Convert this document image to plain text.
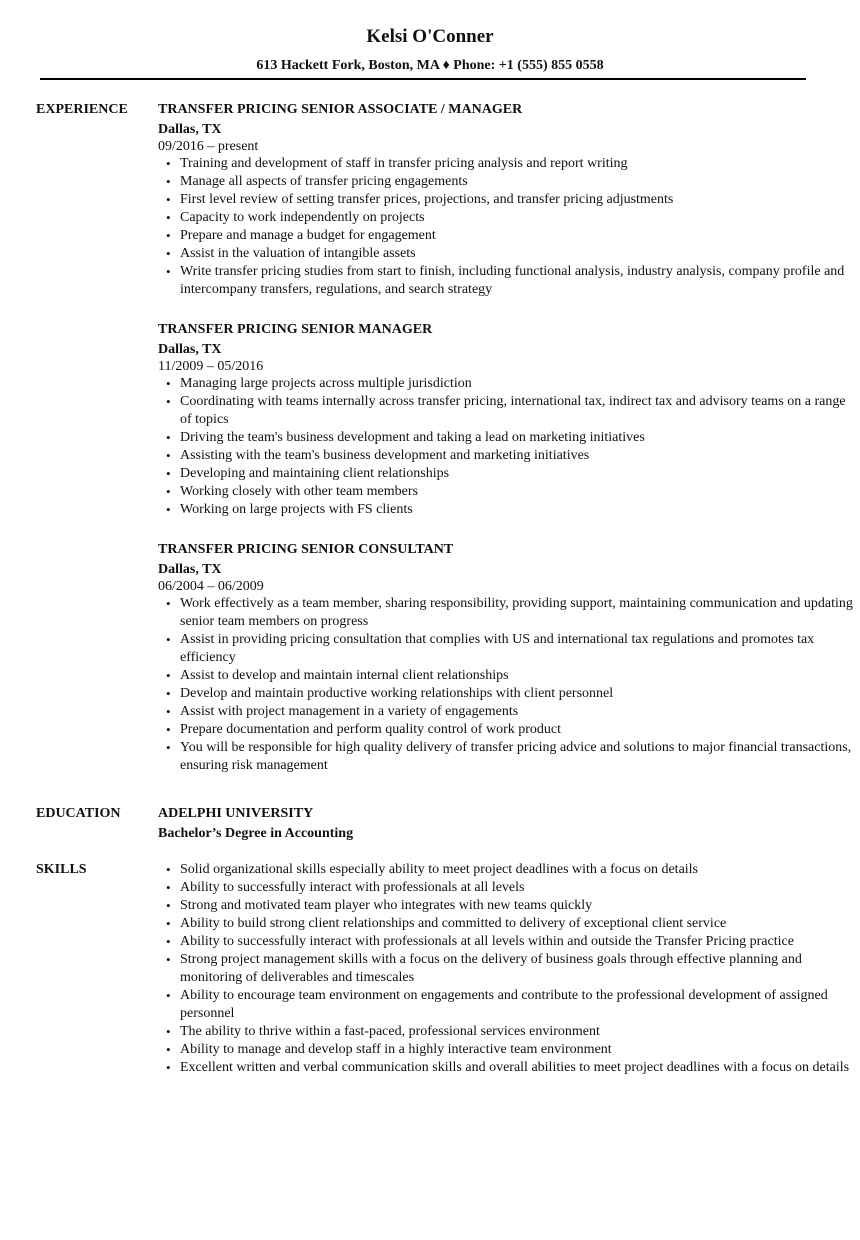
Kelsi O'Conner
613 Hackett Fork, Boston, MA ♦ Phone: +1 (555) 855 0558
EXPERIENCE	TRANSFER PRICING SENIOR ASSOCIATE / MANAGER
Dallas, TX
09/2016 – present
• Training and development of staff in transfer pricing analysis and report writing
• Manage all aspects of transfer pricing engagements
• First level review of setting transfer prices, projections, and transfer pricing adjustments
• Capacity to work independently on projects
• Prepare and manage a budget for engagement
• Assist in the valuation of intangible assets
• Write transfer pricing studies from start to finish, including functional analysis, industry analysis, company profile and intercompany transfers, regulations, and search strategy
TRANSFER PRICING SENIOR MANAGER
Dallas, TX
11/2009 – 05/2016
• Managing large projects across multiple jurisdiction
• Coordinating with teams internally across transfer pricing, international tax, indirect tax and advisory teams on a range of topics
• Driving the team's business development and taking a lead on marketing initiatives
• Assisting with the team's business development and marketing initiatives
• Developing and maintaining client relationships
• Working closely with other team members
• Working on large projects with FS clients
TRANSFER PRICING SENIOR CONSULTANT
Dallas, TX
06/2004 – 06/2009
• Work effectively as a team member, sharing responsibility, providing support, maintaining communication and updating senior team members on progress
• Assist in providing pricing consultation that complies with US and international tax regulations and promotes tax efficiency
• Assist to develop and maintain internal client relationships
• Develop and maintain productive working relationships with client personnel
• Assist with project management in a variety of engagements
• Prepare documentation and perform quality control of work product
• You will be responsible for high quality delivery of transfer pricing advice and solutions to major financial transactions, ensuring risk management
EDUCATION	ADELPHI UNIVERSITY
Bachelor’s Degree in Accounting
SKILLS
•	Solid organizational skills especially ability to meet project deadlines with a focus on details
• Ability to successfully interact with professionals at all levels
• Strong and motivated team player who integrates with new teams quickly
• Ability to build strong client relationships and committed to delivery of exceptional client service
• Ability to successfully interact with professionals at all levels within and outside the Transfer Pricing practice
• Strong project management skills with a focus on the delivery of business goals through effective planning and monitoring of deliverables and timescales
• Ability to encourage team environment on engagements and contribute to the professional development of assigned personnel
• The ability to thrive within a fast-paced, professional services environment
• Ability to manage and develop staff in a highly interactive team environment
• Excellent written and verbal communication skills and overall abilities to meet project deadlines with a focus on details
